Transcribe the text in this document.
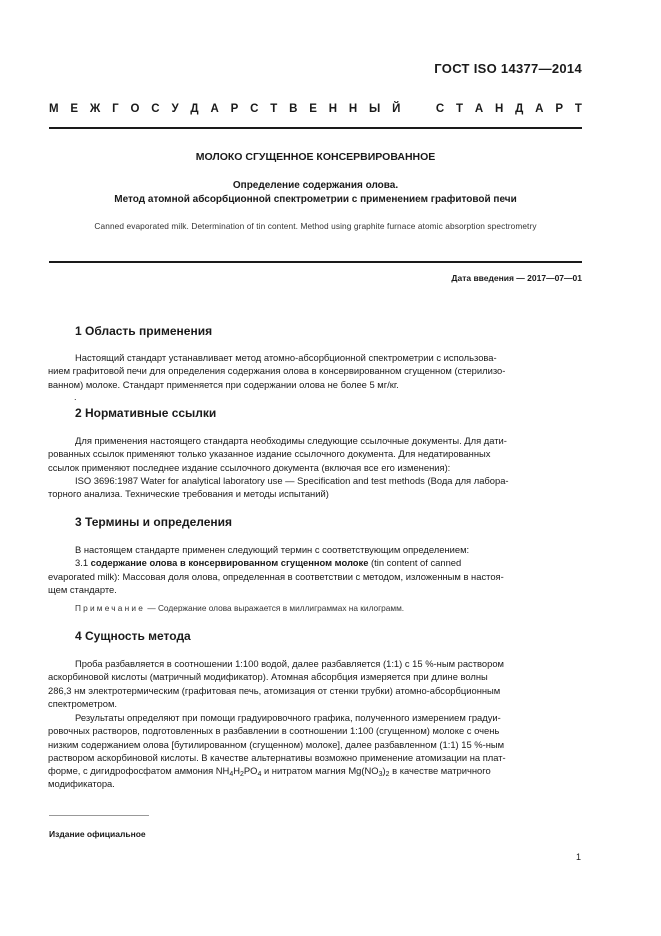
ГОСТ ISO 14377—2014
М Е Ж Г О С У Д А Р С Т В Е Н Н Ы Й	С Т А Н Д А Р Т
МОЛОКО СГУЩЕННОЕ КОНСЕРВИРОВАННОЕ
Определение содержания олова.
Метод атомной абсорбционной спектрометрии с применением графитовой печи
Canned evaporated milk. Determination of tin content. Method using graphite furnace atomic absorption spectrometry
Дата введения — 2017—07—01
1 Область применения
Настоящий стандарт устанавливает метод атомно-абсорбционной спектрометрии с использова-
нием графитовой печи для определения содержания олова в консервированном сгущенном (стерилизо-
ванном) молоке. Стандарт применяется при содержании олова не более 5 мг/кг.
.
2 Нормативные ссылки
Для применения настоящего стандарта необходимы следующие ссылочные документы. Для дати-
рованных ссылок применяют только указанное издание ссылочного документа. Для недатированных
ссылок применяют последнее издание ссылочного документа (включая все его изменения):
ISO 3696:1987 Water for analytical laboratory use — Specification and test methods (Вода для лабора-
торного анализа. Технические требования и методы испытаний)
3 Термины и определения
В настоящем стандарте применен следующий термин с соответствующим определением:
3.1 содержание олова в консервированном сгущенном молоке (tin content of canned
evaporated milk): Массовая доля олова, определенная в соответствии с методом, изложенным в настоя-
щем стандарте.
Примечание — Содержание олова выражается в миллиграммах на килограмм.
4 Сущность метода
Проба разбавляется в соотношении 1:100 водой, далее разбавляется (1:1) с 15 %-ным раствором
аскорбиновой кислоты (матричный модификатор). Атомная абсорбция измеряется при длине волны
286,3 нм электротермическим (графитовая печь, атомизация от стенки трубки) атомно-абсорбционным
спектрометром.
Результаты определяют при помощи градуировочного графика, полученного измерением градуи-
ровочных растворов, подготовленных в разбавлении в соотношении 1:100 (сгущенном) молоке с очень
низким содержанием олова [бутилированном (сгущенном) молоке], далее разбавленном (1:1) 15 %-ным
раствором аскорбиновой кислоты. В качестве альтернативы возможно применение атомизации на плат-
форме, с дигидрофосфатом аммония $NH_4H_2PO_4$ и нитратом магния $Mg(NO_3)_2$ в качестве матричного
модификатора.
Издание официальное
1
